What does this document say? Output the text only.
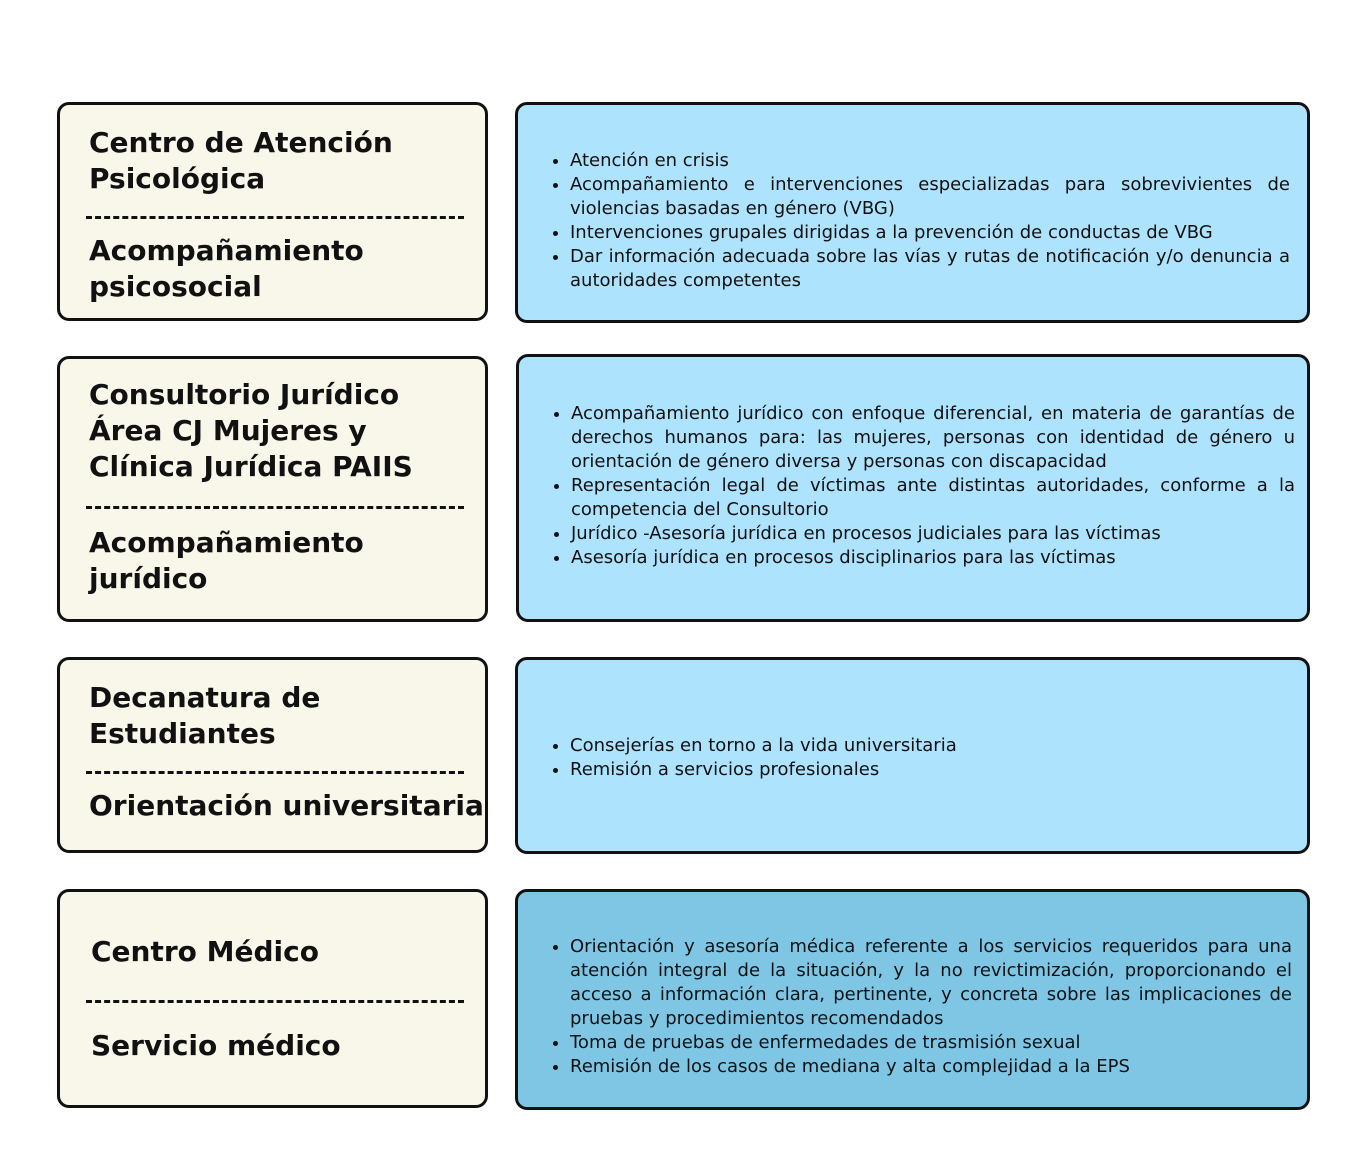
Centro de Atención
Psicológica
Acompañamiento
psicosocial
• Atención en crisis
• Acompañamiento e intervenciones especializadas para sobrevivientes de violencias basadas en género (VBG)
• Intervenciones grupales dirigidas a la prevención de conductas de VBG
• Dar información adecuada sobre las vías y rutas de notificación y/o denuncia a autoridades competentes
Consultorio Jurídico
Área CJ Mujeres y
Clínica Jurídica PAIIS
Acompañamiento
jurídico
• Acompañamiento jurídico con enfoque diferencial, en materia de garantías de derechos humanos para: las mujeres, personas con identidad de género u orientación de género diversa y personas con discapacidad
• Representación legal de víctimas ante distintas autoridades, conforme a la competencia del Consultorio
• Jurídico -Asesoría jurídica en procesos judiciales para las víctimas
• Asesoría jurídica en procesos disciplinarios para las víctimas
Decanatura de
Estudiantes
Orientación universitaria
• Consejerías en torno a la vida universitaria
• Remisión a servicios profesionales
Centro Médico
Servicio médico
• Orientación y asesoría médica referente a los servicios requeridos para una atención integral de la situación, y la no revictimización, proporcionando el acceso a información clara, pertinente, y concreta sobre las implicaciones de pruebas y procedimientos recomendados
• Toma de pruebas de enfermedades de trasmisión sexual
• Remisión de los casos de mediana y alta complejidad a la EPS
